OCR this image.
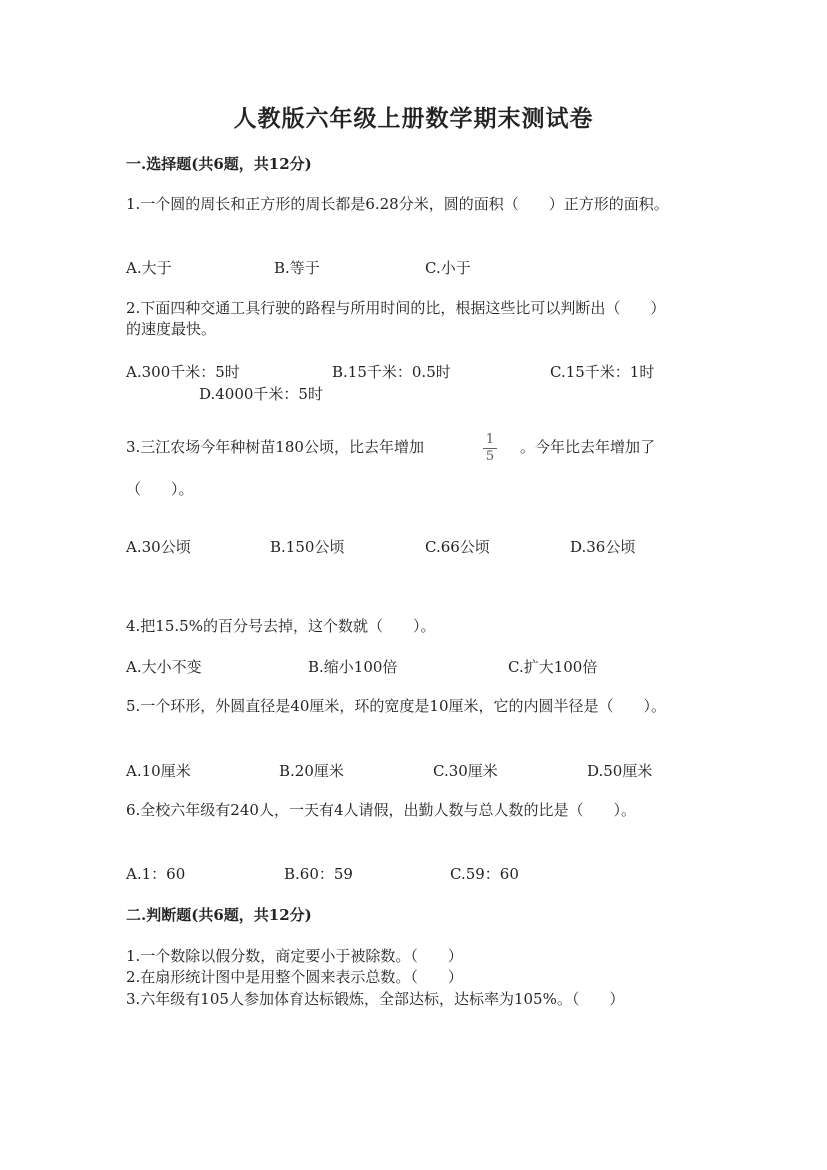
人教版六年级上册数学期末测试卷
一.选择题(共6题，共12分)
1.一个圆的周长和正方形的周长都是6.28分米，圆的面积（　　）正方形的面积。
A.大于	B.等于	C.小于
2.下面四种交通工具行驶的路程与所用时间的比，根据这些比可以判断出（　　）的速度最快。
A.300千米：5时	B.15千米：0.5时	C.15千米：1时
D.4000千米：5时
3.三江农场今年种树苗180公顷，比去年增加	1
5
。今年比去年增加了
（　　）。
A.30公顷	B.150公顷	C.66公顷	D.36公顷
4.把15.5%的百分号去掉，这个数就（　　）。
A.大小不变	B.缩小100倍	C.扩大100倍
5.一个环形，外圆直径是40厘米，环的宽度是10厘米，它的内圆半径是（　　）。
A.10厘米	B.20厘米	C.30厘米	D.50厘米
6.全校六年级有240人，一天有4人请假，出勤人数与总人数的比是（　　）。
A.1：60	B.60：59	C.59：60
二.判断题(共6题，共12分)
1.一个数除以假分数，商定要小于被除数。（　　）
2.在扇形统计图中是用整个圆来表示总数。（　　）
3.六年级有105人参加体育达标锻炼，全部达标，达标率为105%。（　　）
